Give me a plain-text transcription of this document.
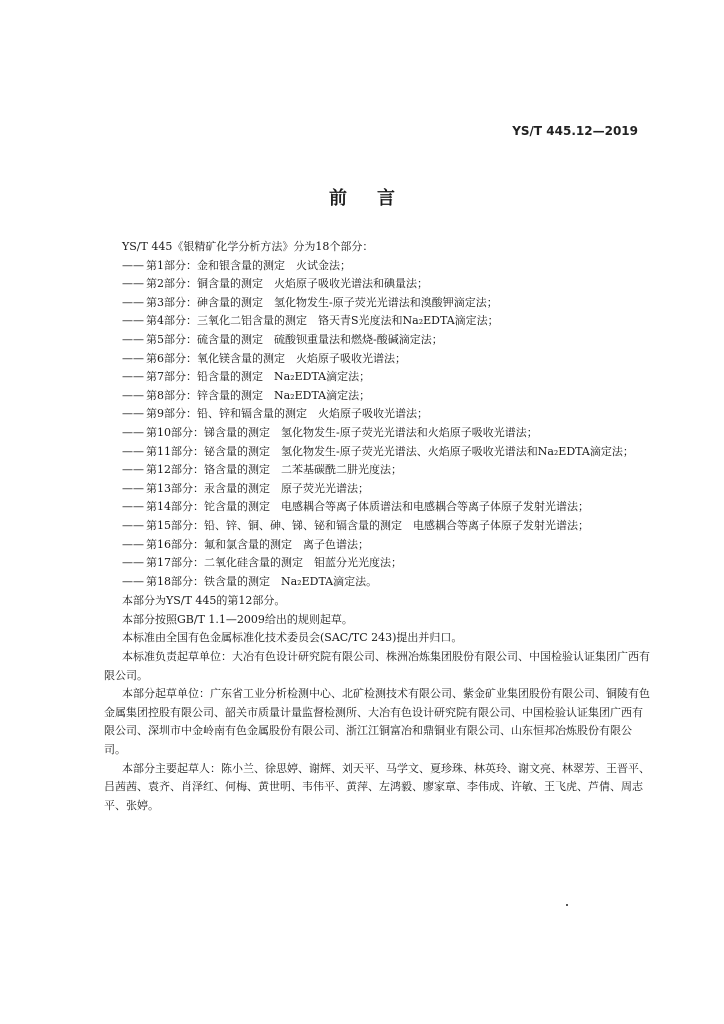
YS/T 445.12—2019
前言

YS/T 445《银精矿化学分析方法》分为18个部分：

—— 第1部分：金和银含量的测定　火试金法；
—— 第2部分：铜含量的测定　火焰原子吸收光谱法和碘量法；
—— 第3部分：砷含量的测定　氢化物发生-原子荧光光谱法和溴酸钾滴定法；
—— 第4部分：三氧化二铝含量的测定　铬天青S光度法和Na₂EDTA滴定法；
—— 第5部分：硫含量的测定　硫酸钡重量法和燃烧-酸碱滴定法；
—— 第6部分：氧化镁含量的测定　火焰原子吸收光谱法；
—— 第7部分：铅含量的测定　Na₂EDTA滴定法；
—— 第8部分：锌含量的测定　Na₂EDTA滴定法；
—— 第9部分：铅、锌和镉含量的测定　火焰原子吸收光谱法；
—— 第10部分：锑含量的测定　氢化物发生-原子荧光光谱法和火焰原子吸收光谱法；
—— 第11部分：铋含量的测定　氢化物发生-原子荧光光谱法、火焰原子吸收光谱法和Na₂EDTA滴定法；
—— 第12部分：铬含量的测定　二苯基碳酰二肼光度法；
—— 第13部分：汞含量的测定　原子荧光光谱法；
—— 第14部分：铊含量的测定　电感耦合等离子体质谱法和电感耦合等离子体原子发射光谱法；
—— 第15部分：铅、锌、铜、砷、锑、铋和镉含量的测定　电感耦合等离子体原子发射光谱法；
—— 第16部分：氟和氯含量的测定　离子色谱法；
—— 第17部分：二氧化硅含量的测定　钼蓝分光光度法；
—— 第18部分：铁含量的测定　Na₂EDTA滴定法。

本部分为YS/T 445的第12部分。

本部分按照GB/T 1.1—2009给出的规则起草。

本标准由全国有色金属标准化技术委员会(SAC/TC 243)提出并归口。

本标准负责起草单位：大冶有色设计研究院有限公司、株洲冶炼集团股份有限公司、中国检验认证集团广西有限公司。

本部分起草单位：广东省工业分析检测中心、北矿检测技术有限公司、紫金矿业集团股份有限公司、铜陵有色金属集团控股有限公司、韶关市质量计量监督检测所、大冶有色设计研究院有限公司、中国检验认证集团广西有限公司、深圳市中金岭南有色金属股份有限公司、浙江江铜富冶和鼎铜业有限公司、山东恒邦冶炼股份有限公司。

本部分主要起草人：陈小兰、徐思婷、谢辉、刘天平、马学文、夏珍珠、林英玲、谢文亮、林翠芳、王晋平、吕茜茜、袁齐、肖泽红、何梅、黄世明、韦伟平、黄萍、左鸿毅、廖家章、李伟成、许敏、王飞虎、芦倩、周志平、张婷。
